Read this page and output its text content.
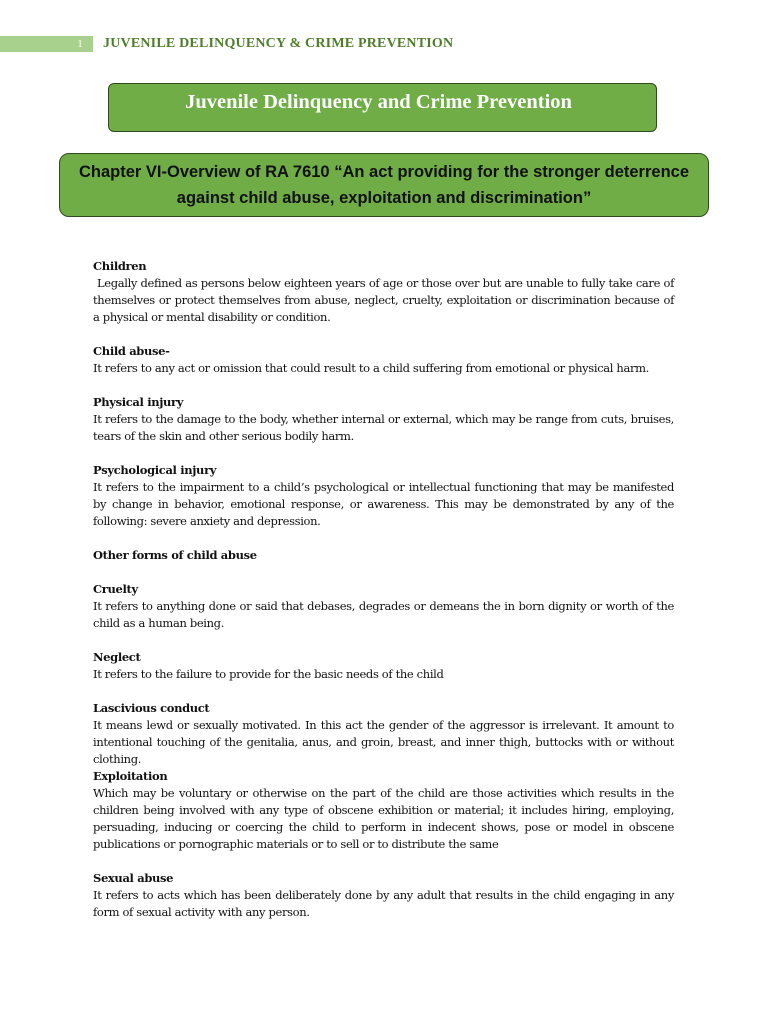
1	JUVENILE DELINQUENCY & CRIME PREVENTION
Juvenile Delinquency and Crime Prevention
Chapter VI-Overview of RA 7610 “An act providing for the stronger deterrence against child abuse, exploitation and discrimination”
Children
Legally defined as persons below eighteen years of age or those over but are unable to fully take care of themselves or protect themselves from abuse, neglect, cruelty, exploitation or discrimination because of a physical or mental disability or condition.
Child abuse-
It refers to any act or omission that could result to a child suffering from emotional or physical harm.
Physical injury
It refers to the damage to the body, whether internal or external, which may be range from cuts, bruises, tears of the skin and other serious bodily harm.
Psychological injury
It refers to the impairment to a child’s psychological or intellectual functioning that may be manifested by change in behavior, emotional response, or awareness. This may be demonstrated by any of the following: severe anxiety and depression.
Other forms of child abuse
Cruelty
It refers to anything done or said that debases, degrades or demeans the in born dignity or worth of the child as a human being.
Neglect
It refers to the failure to provide for the basic needs of the child
Lascivious conduct
It means lewd or sexually motivated. In this act the gender of the aggressor is irrelevant. It amount to intentional touching of the genitalia, anus, and groin, breast, and inner thigh, buttocks with or without clothing.
Exploitation
Which may be voluntary or otherwise on the part of the child are those activities which results in the children being involved with any type of obscene exhibition or material; it includes hiring, employing, persuading, inducing or coercing the child to perform in indecent shows, pose or model in obscene publications or pornographic materials or to sell or to distribute the same
Sexual abuse
It refers to acts which has been deliberately done by any adult that results in the child engaging in any form of sexual activity with any person.
